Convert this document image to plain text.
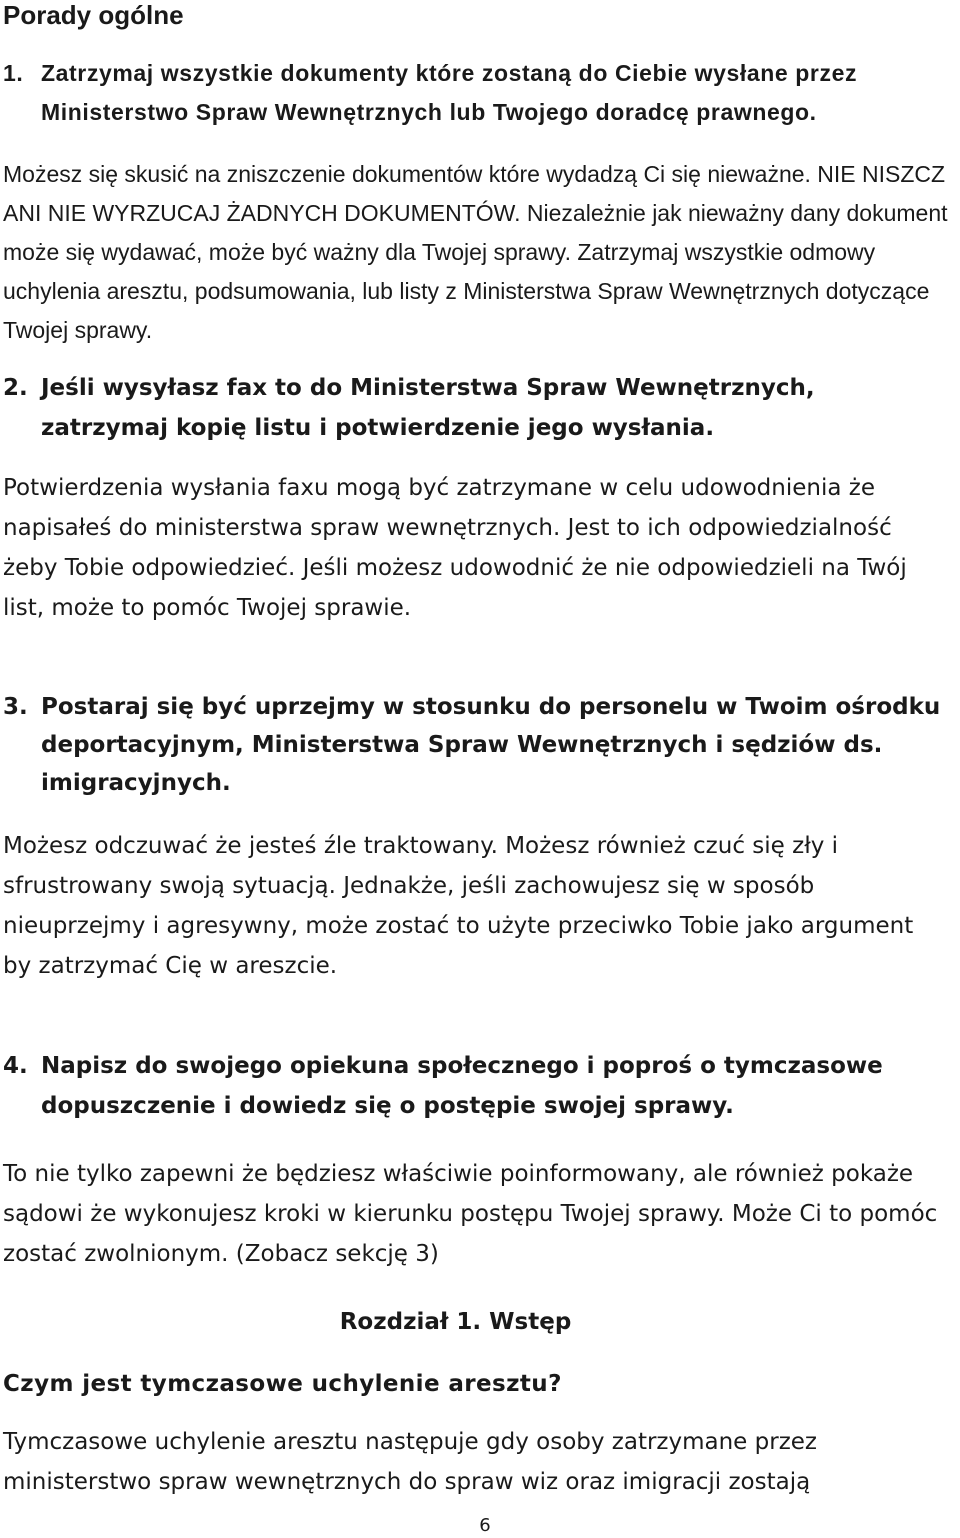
Porady ogólne
1. Zatrzymaj wszystkie dokumenty które zostaną do Ciebie wysłane przez Ministerstwo Spraw Wewnętrznych lub Twojego doradcę prawnego.

Możesz się skusić na zniszczenie dokumentów które wydadzą Ci się nieważne. NIE NISZCZ ANI NIE WYRZUCAJ ŻADNYCH DOKUMENTÓW. Niezależnie jak nieważny dany dokument może się wydawać, może być ważny dla Twojej sprawy. Zatrzymaj wszystkie odmowy uchylenia aresztu, podsumowania, lub listy z Ministerstwa Spraw Wewnętrznych dotyczące Twojej sprawy.

2. Jeśli wysyłasz fax to do Ministerstwa Spraw Wewnętrznych, zatrzymaj kopię listu i potwierdzenie jego wysłania.

Potwierdzenia wysłania faxu mogą być zatrzymane w celu udowodnienia że napisałeś do ministerstwa spraw wewnętrznych. Jest to ich odpowiedzialność żeby Tobie odpowiedzieć. Jeśli możesz udowodnić że nie odpowiedzieli na Twój list, może to pomóc Twojej sprawie.

3. Postaraj się być uprzejmy w stosunku do personelu w Twoim ośrodku deportacyjnym, Ministerstwa Spraw Wewnętrznych i sędziów ds. imigracyjnych.

Możesz odczuwać że jesteś źle traktowany. Możesz również czuć się zły i sfrustrowany swoją sytuacją. Jednakże, jeśli zachowujesz się w sposób nieuprzejmy i agresywny, może zostać to użyte przeciwko Tobie jako argument by zatrzymać Cię w areszcie.

4. Napisz do swojego opiekuna społecznego i poproś o tymczasowe dopuszczenie i dowiedz się o postępie swojej sprawy.

To nie tylko zapewni że będziesz właściwie poinformowany, ale również pokaże sądowi że wykonujesz kroki w kierunku postępu Twojej sprawy. Może Ci to pomóc zostać zwolnionym. (Zobacz sekcję 3)

Rozdział 1. Wstęp
Czym jest tymczasowe uchylenie aresztu?

Tymczasowe uchylenie aresztu następuje gdy osoby zatrzymane przez ministerstwo spraw wewnętrznych do spraw wiz oraz imigracji zostają

6
